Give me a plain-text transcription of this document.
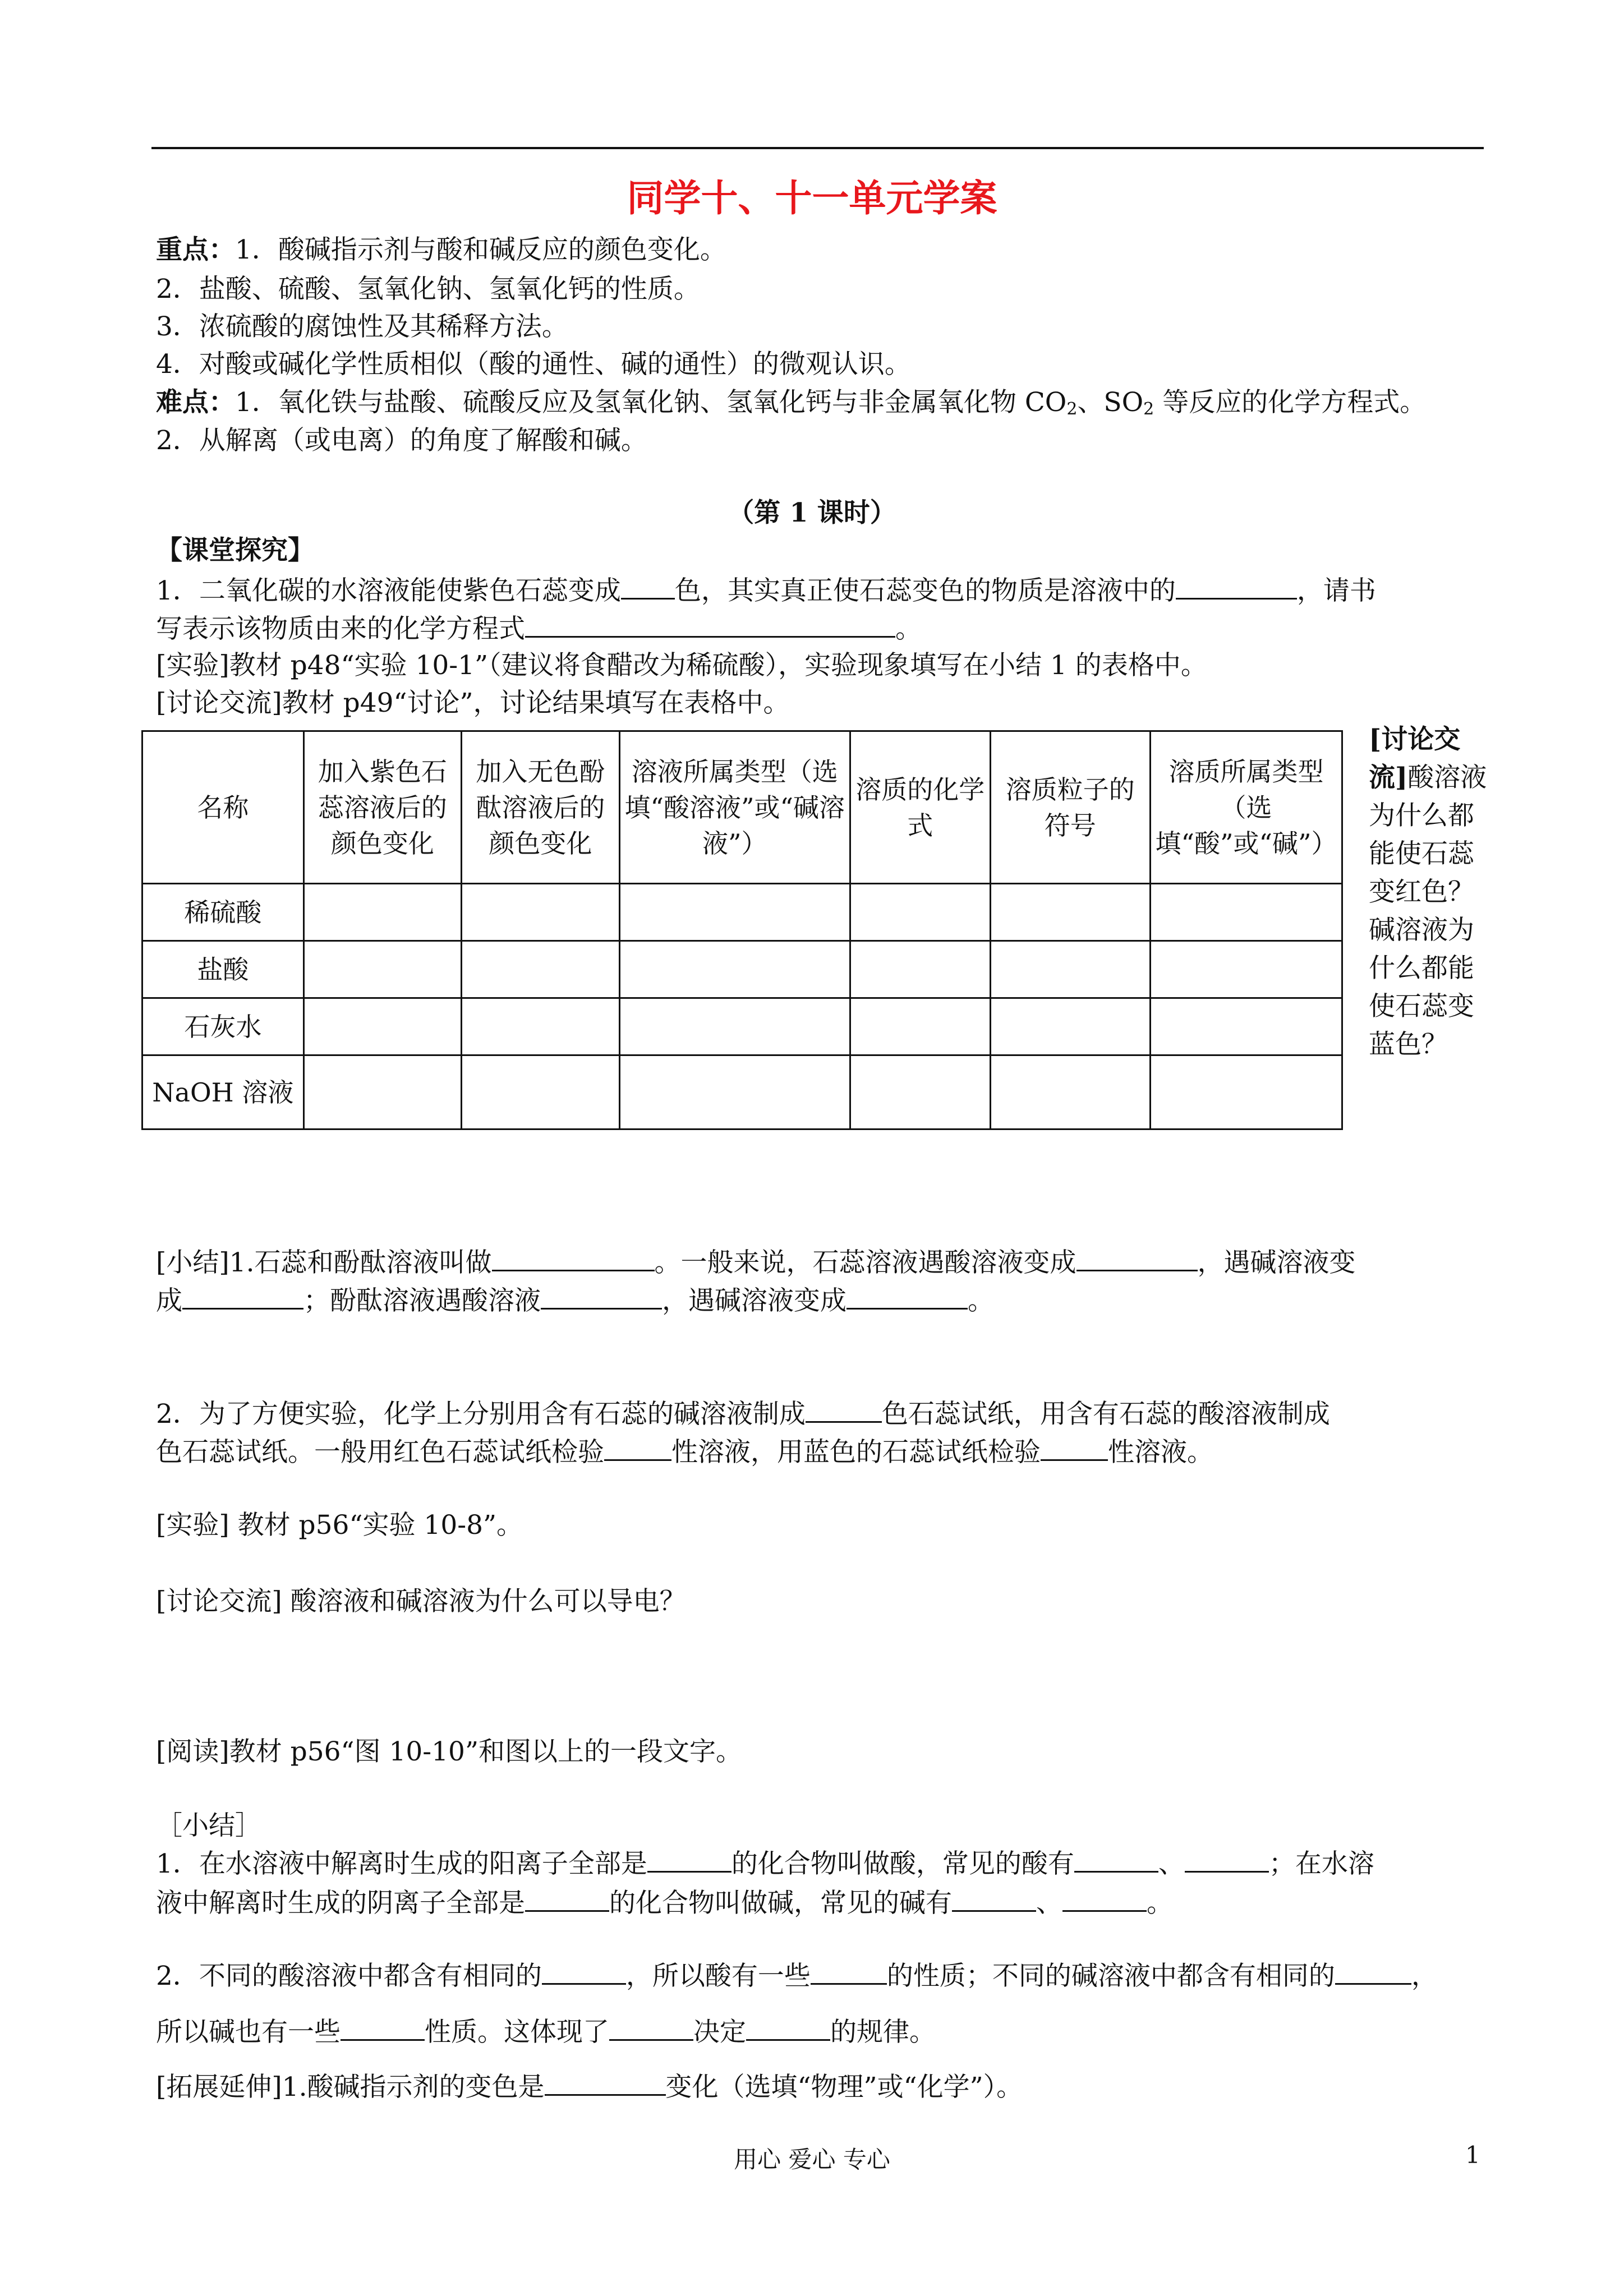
同学十、十一单元学案
重点：1．酸碱指示剂与酸和碱反应的颜色变化。
2．盐酸、硫酸、氢氧化钠、氢氧化钙的性质。
3．浓硫酸的腐蚀性及其稀释方法。
4．对酸或碱化学性质相似（酸的通性、碱的通性）的微观认识。
难点：1．氧化铁与盐酸、硫酸反应及氢氧化钠、氢氧化钙与非金属氧化物 $CO_2$、$SO_2$ 等反应的化学方程式。
2．从解离（或电离）的角度了解酸和碱。
（第 1 课时）
【课堂探究】
1．二氧化碳的水溶液能使紫色石蕊变成 色，其实真正使石蕊变色的物质是溶液中的	，请书
写表示该物质由来的化学方程式	。
[实验]教材 p48“实验 10-1”（建议将食醋改为稀硫酸），实验现象填写在小结 1 的表格中。
[讨论交流]教材 p49“讨论”，讨论结果填写在表格中。
名称	加入紫色石蕊溶液后的颜色变化	加入无色酚酞溶液后的颜色变化	溶液所属类型（选填“酸溶液”或“碱溶液”）	溶质的化学式	溶质粒子的符号	溶质所属类型（选填“酸”或“碱”）
稀硫酸						
盐酸						
石灰水						
NaOH 溶液						
[讨论交流]酸溶液为什么都能使石蕊变红色？碱溶液为什么都能使石蕊变蓝色？
[小结]1.石蕊和酚酞溶液叫做	。一般来说，石蕊溶液遇酸溶液变成	，遇碱溶液变
成	；酚酞溶液遇酸溶液	，遇碱溶液变成	。
2．为了方便实验，化学上分别用含有石蕊的碱溶液制成	色石蕊试纸，用含有石蕊的酸溶液制成
色石蕊试纸。一般用红色石蕊试纸检验	性溶液，用蓝色的石蕊试纸检验	性溶液。
[实验] 教材 p56“实验 10-8”。
[讨论交流] 酸溶液和碱溶液为什么可以导电？
[阅读]教材 p56“图 10-10”和图以上的一段文字。
［小结］
1．在水溶液中解离时生成的阳离子全部是	的化合物叫做酸，常见的酸有	、	；在水溶
液中解离时生成的阴离子全部是	的化合物叫做碱，常见的碱有	、	。
2．不同的酸溶液中都含有相同的	，所以酸有一些	的性质；不同的碱溶液中都含有相同的	，
所以碱也有一些	性质。这体现了	决定	的规律。
[拓展延伸]1.酸碱指示剂的变色是	变化（选填“物理”或“化学”）。
用心 爱心 专心	1
